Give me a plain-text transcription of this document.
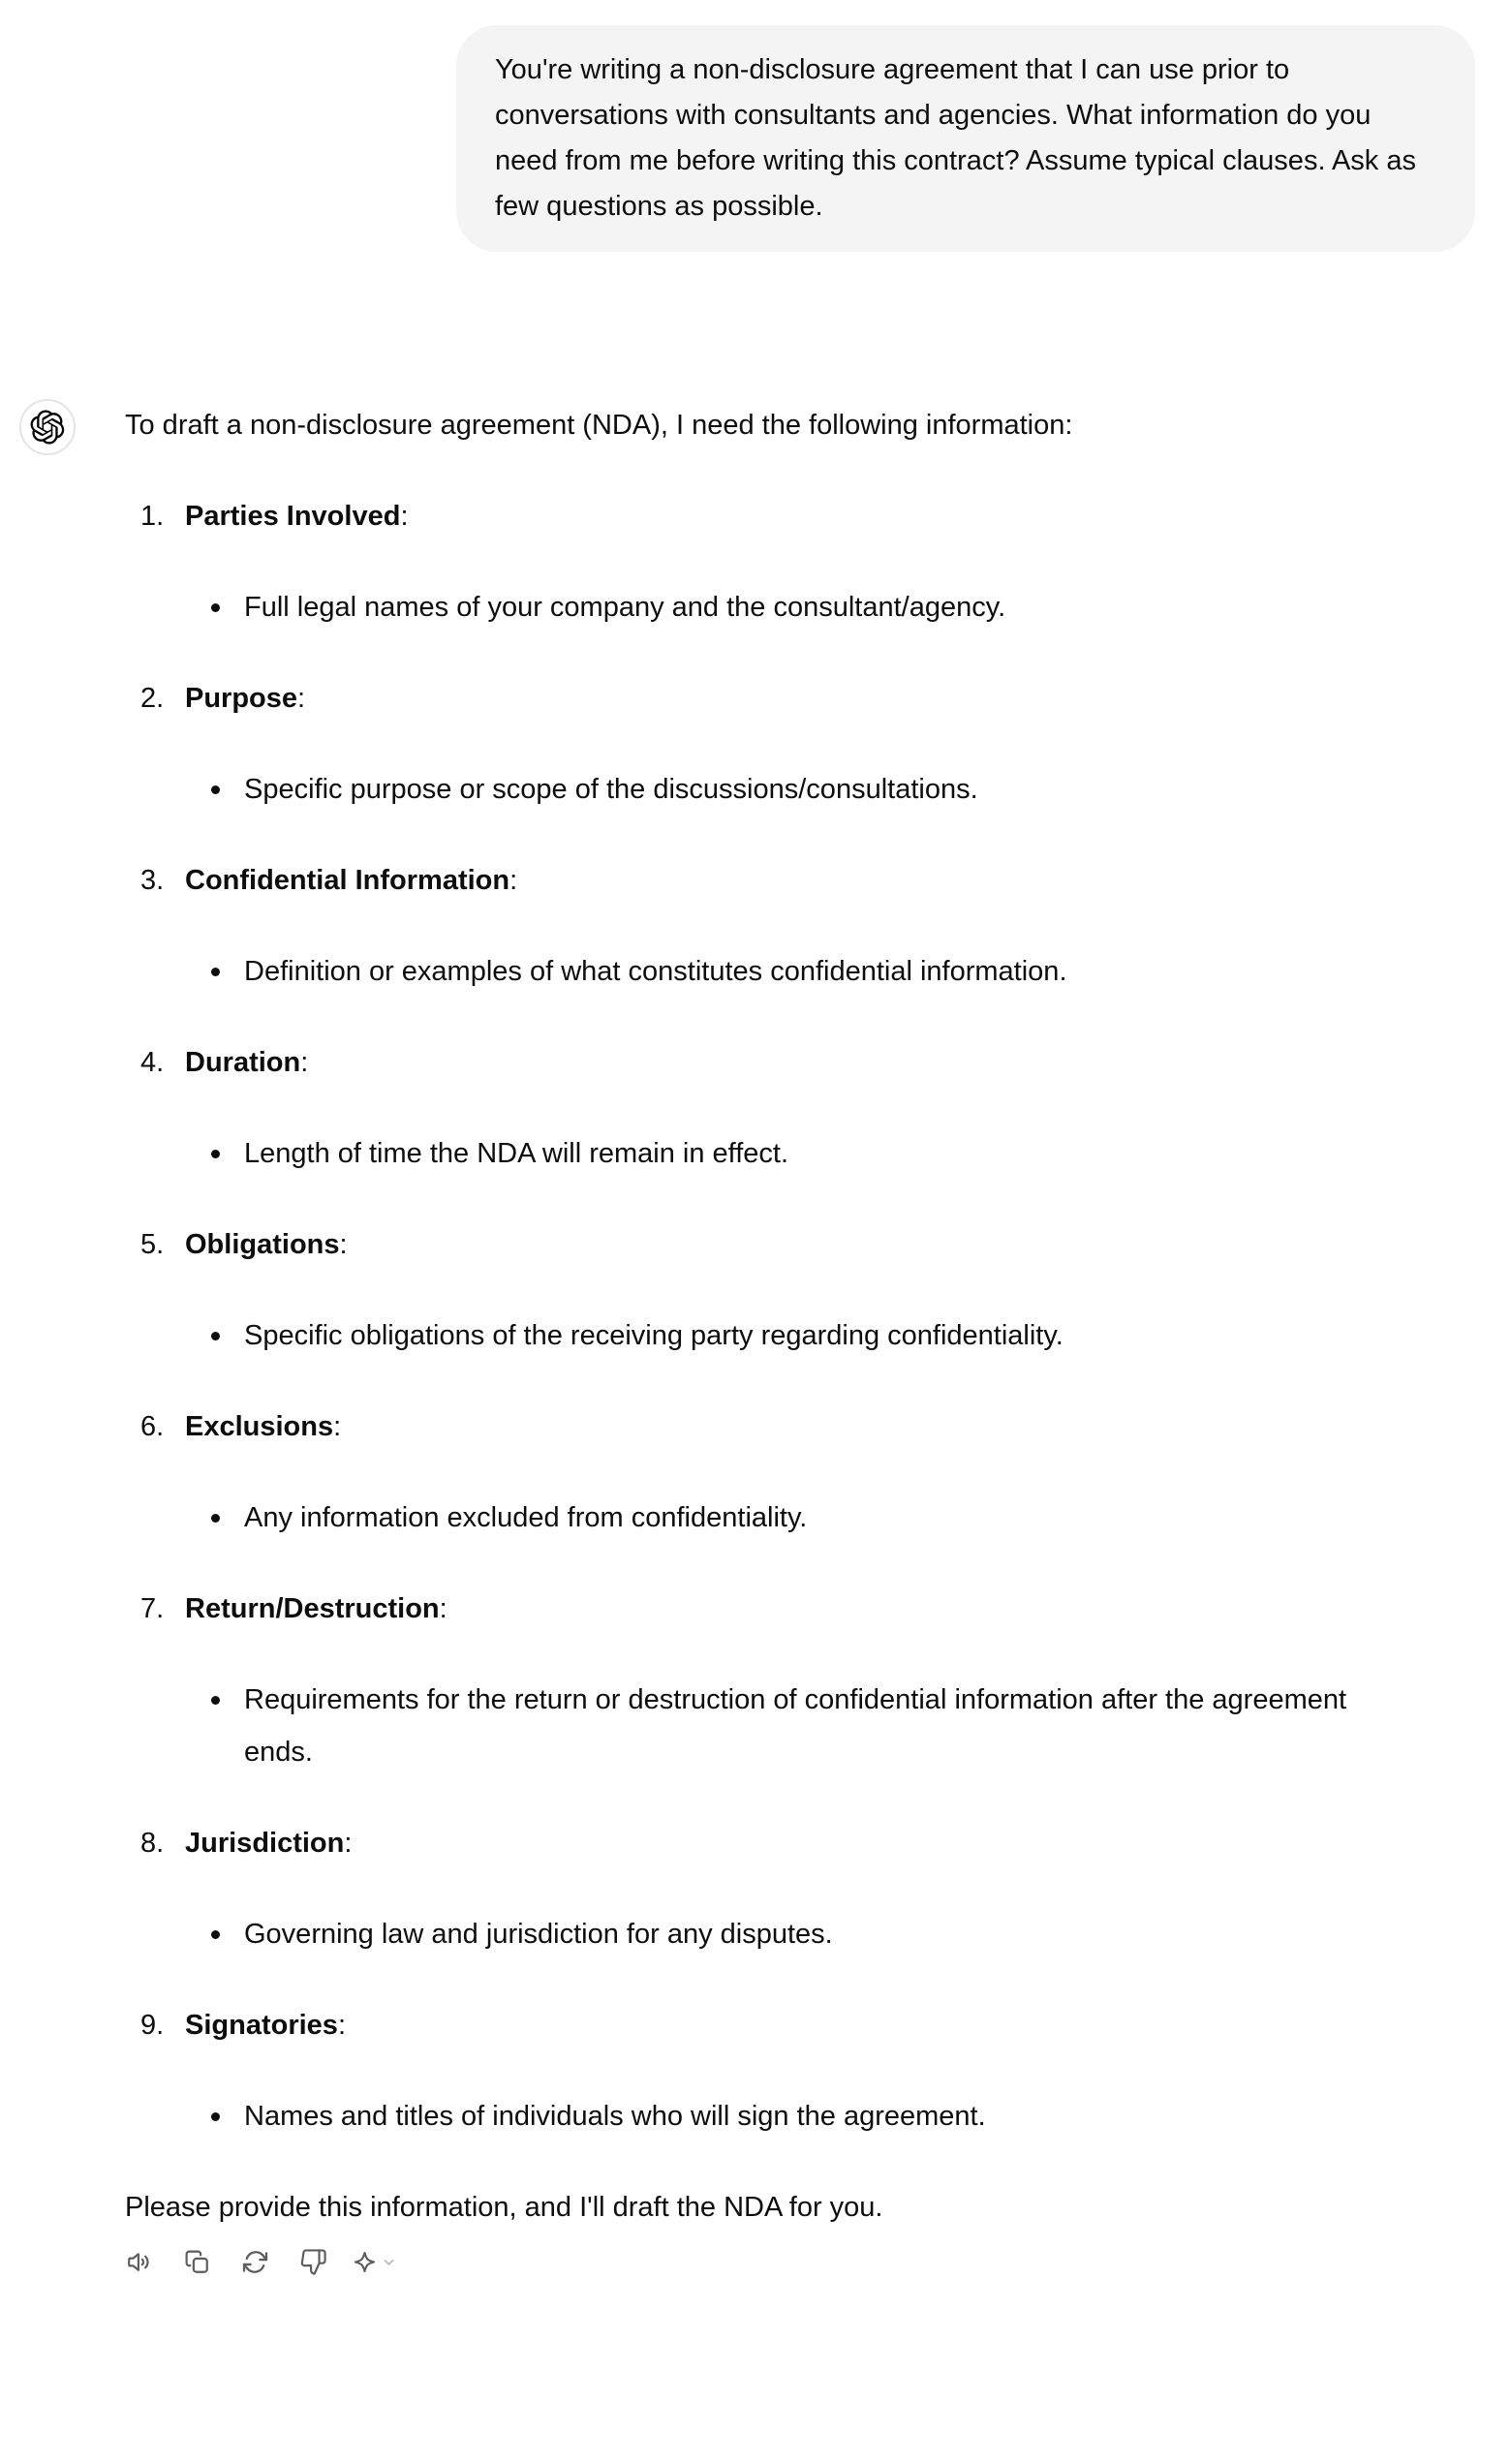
You're writing a non-disclosure agreement that I can use prior to conversations with consultants and agencies. What information do you need from me before writing this contract? Assume typical clauses. Ask as few questions as possible.

To draft a non-disclosure agreement (NDA), I need the following information:

1. Parties Involved:
Full legal names of your company and the consultant/agency.
2. Purpose:
Specific purpose or scope of the discussions/consultations.
3. Confidential Information:
Definition or examples of what constitutes confidential information.
4. Duration:
Length of time the NDA will remain in effect.
5. Obligations:
Specific obligations of the receiving party regarding confidentiality.
6. Exclusions:
Any information excluded from confidentiality.
7. Return/Destruction:
Requirements for the return or destruction of confidential information after the agreement ends.
8. Jurisdiction:
Governing law and jurisdiction for any disputes.
9. Signatories:
Names and titles of individuals who will sign the agreement.

Please provide this information, and I'll draft the NDA for you.
